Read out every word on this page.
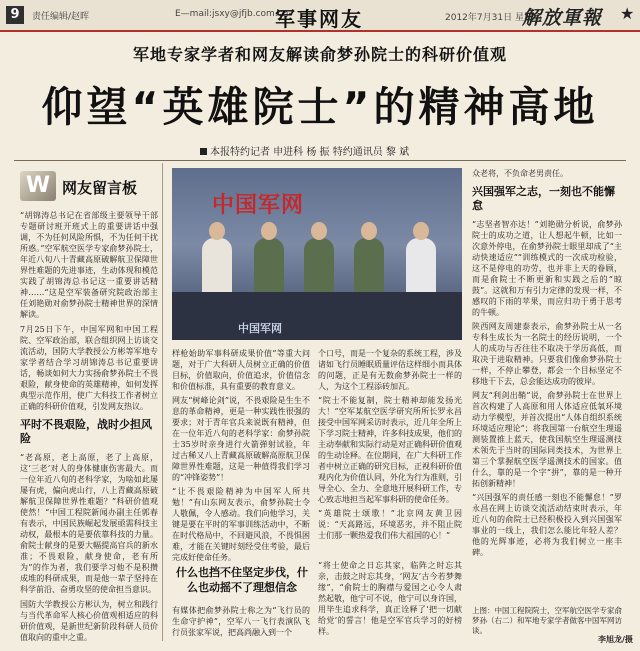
9	责任编辑/赵晖	E—mail:jsxy@jfjb.com.cn
军事网友	2012年7月31日 星期二
解放軍報 ★
军地专家学者和网友解读俞梦孙院士的科研价值观
仰望“英雄院士”的精神高地
本报特约记者 申进科 杨 振 特约通讯员 黎 斌
W 网友留言板

“胡锦涛总书记在省部级主要领导干部专题研讨班开班式上的重要讲话中强调，不为任何风险所惧，不为任何干扰所惑。”空军航空医学专家俞梦孙院士，年近八旬八十青藏高原破解航卫保障世界性难题的先进事迹，生动体现和模范实践了胡锦涛总书记这一重要讲话精神……“这是空军装备研究院政治部主任刘艳勋对俞梦孙院士精神世界的深情解读。

7月25日下午，中国军网和中国工程院、空军政治部，联合组织网上访谈交流活动，国防大学教授公方彬等军地专家学者结合学习胡锦涛总书记重要讲话，畅谈如何大力实扬俞梦孙院士不畏艰险，献身使命的英雄精神，如何发挥典型示范作用，使广大科技工作者树立正确的科研价值观，引发网友热议。

平时不畏艰险，战时少担风险

“老高原，老上高原，老了上高原，这‘三老’对人的身体健康伤害最大。而一位年近八旬的老科学家，为啥如此屡屡有虎，偏向虎山行，八上青藏高原破解航卫保障世界性难题？”科研价值观使然！“中国工程院新闻办副主任郭春有表示，中国民族崛起发展亟需科技主动权，最根本的是要依靠科技的力量。俞院士献身的是要大幅提高官兵的新水准；不畏艰险，献身使命，老有所为”的作为者，我们要学习他不是积攒成堆的科研成果，而是他一辈子坚持在科学前沿、奋勇攻坚的使命担当意识。

国防大学教授公方彬认为，树立和践行与当代革命军人核心价值观相适应的科研价值观，是新世纪新阶段科研人员价值取向的重中之重。

中国军网
中国军网

样枪始助军事科研成果价值”等重大问题，对于广大科研人员树立正确的价值目标，价值取向，价值追求，价值信念和价值标准，具有重要的教育意义。

网友“树峰论剑”说，不畏艰险是生生不息的革命精神，更是一种实践性很强的要求；对于青年官兵来说既有精神，但在一位年近八旬的老科学家：俞梦孙院士35岁时亲身进行火箭弹射试验，年过古稀又八上青藏高原破解高原航卫保障世界性难题，这是一种值得我们学习的“冲锋姿势”！

“让不畏艰险精神为中国军人所共勉！”有山东网友表示，俞梦孙院士令人敬佩，令人感动。我们向他学习，关键是要在平时的军事训练活动中，不断在时代格局中，不回避风浪，不畏惧困难，才能在关键时刻经受住考验，最后完成好使命任务。

什么也挡不住坚定步伐，什么也动摇不了理想信念

有媒体把俞梦孙院士称之为“飞行员的生命守护神”，空军八一飞行表演队飞行员张家军说，把高尚融入到一个

个口号，而是一个复杂的系统工程，涉及诸如飞行员睡眠质量评估这样细小而具体的问题，正是有无数俞梦孙院士一样的人，为这个工程添砖加瓦。

“院士不能复制，院士精神却能发扬光大！”空军某航空医学研究所所长罗永昌接受中国军网采访时表示，近几年全所上下学习院士精神，许多科技成果，他们的主动奉献和实际行动是对正确科研价值观的生动诠释。在位期间，在广大科研工作者中树立正确的研究目标，正视科研价值观内化为价值认同，外化为行为准则，引导全心、全力、全意地开展科研工作，专心致志地担当起军事科研的使命任务。

“英雄院士颂歌！”北京网友黄卫因说：“天高路远，环境恶劣，并不阻止院士们那一颗热爱我们伟大祖国的心！”

“将士使命之日忘其家，临阵之时忘其亲，击鼓之时忘其身，‘网友’古今若梦舞缘”，“俞院士的胸襟与爱国之心令人肃然起敬，他宁可不说，他宁可以身许国，用毕生追求科学，真正诠释了‘把一切献给党’的誓言！他是空军官兵学习的好榜样。

众老将，不负命老男责任。

兴国强军之志，一刻也不能懈怠

“志坚者智亦达！”刘艳勋分析说，俞梦孙院士的成功之道，让人想起牛顿，比如一次意外停电，在俞梦孙院士眼里却成了“主动快速适应”“训练模式的一次成功检验，这不是停电的功劳，也并非上天的眷顾，而是俞院士不断更新和实践之后的“晾鼓”。这就和万有引力定律的发现一样，不感叹的下雨的苹果，而应归功于勇于思考的牛顿。

陕西网友周建泰表示，俞梦孙院士从一名专科生成长为一名院士的经历说明，一个人的成功与否往往不取决于学历高低，而取决于进取精神。只要我们像俞梦孙院士一样，不停止攀登，都会一个目标坚定不移地干下去，总会能达成功的彼岸。

网友“利剑出鞘”说，俞梦孙院士在世界上首次构建了人高原和用人体适应低氧环境动力学模型，并首次提出“人体自组织系统环境适应理论”；将我国第一台航空生理遥测装置推上蓝天，使我国航空生理遥测技术领先于当时的国际同类技术，为世界上第三个掌握航空医学遥测技术的国家。值什么，靠的是一个字“拼”，靠的是一种开拓创新精神！

“兴国强军的责任感一刻也不能懈怠！”罗永昌在网上访谈交流活动结束时表示，年近八旬的俞院士已经积极投入到兴国强军事业的一线上，我们怎么能比年轻人差？他的光辉事迹，必将为我们树立一座丰碑。

上图：中国工程院院士，空军航空医学专家俞梦孙（右二）和军地专家学者做客中国军网访谈。
李旭龙/摄
